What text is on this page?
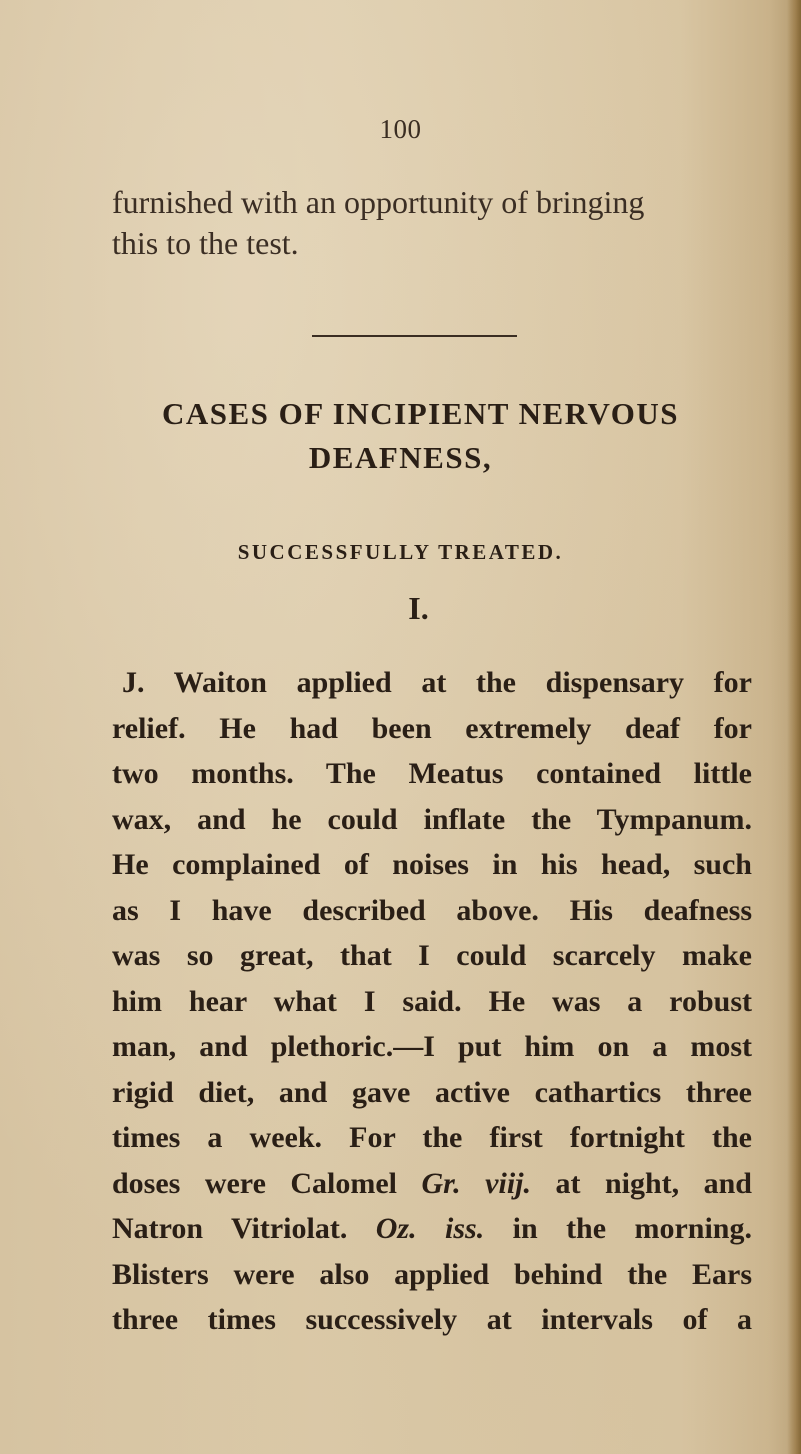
100
furnished with an opportunity of bringing
this to the test.
CASES OF INCIPIENT NERVOUS
DEAFNESS,
SUCCESSFULLY TREATED.
I.
J. Waiton applied at the dispensary for
relief. He had been extremely deaf for
two months. The Meatus contained little
wax, and he could inflate the Tympanum.
He complained of noises in his head, such
as I have described above. His deafness
was so great, that I could scarcely make
him hear what I said. He was a robust
man, and plethoric.—I put him on a most
rigid diet, and gave active cathartics three
times a week. For the first fortnight the
doses were Calomel Gr. viij. at night, and
Natron Vitriolat. Oz. iss. in the morning.
Blisters were also applied behind the Ears
three times successively at intervals of a
